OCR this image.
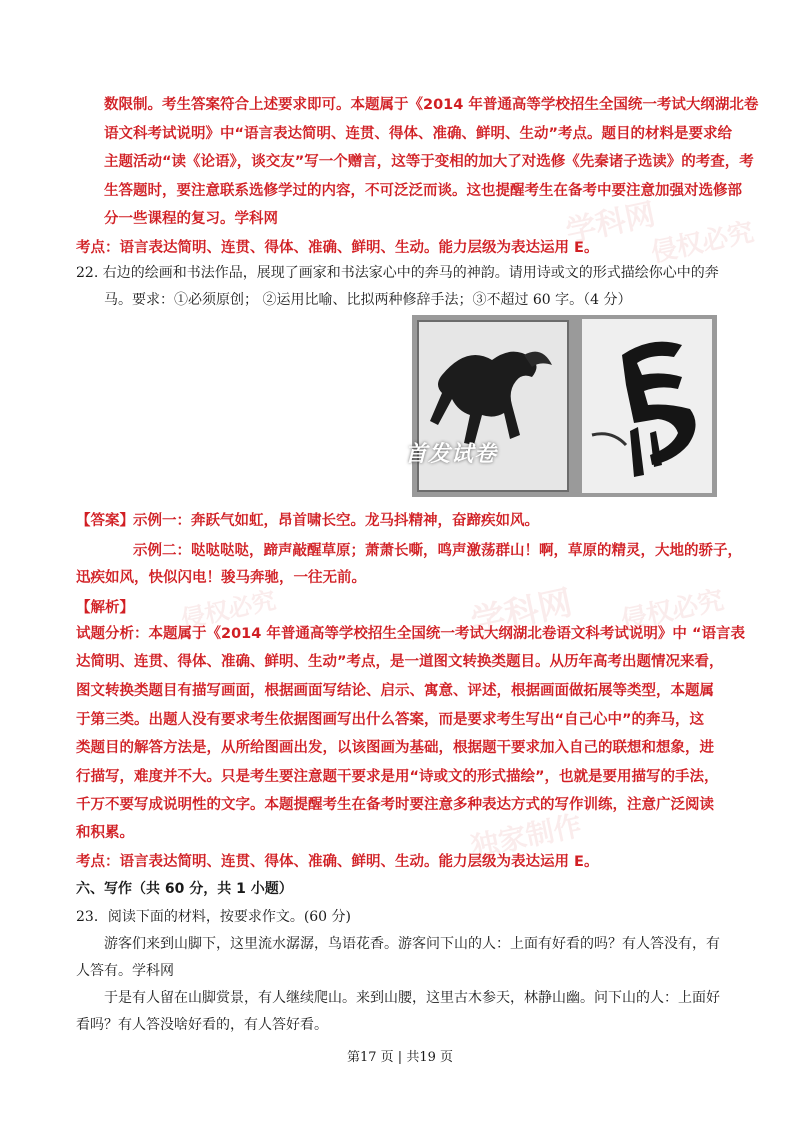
学科网
侵权必究
学科网 侵权必究
独家制作
侵权必究
数限制。考生答案符合上述要求即可。本题属于《2014 年普通高等学校招生全国统一考试大纲湖北卷
语文科考试说明》中“语言表达简明、连贯、得体、准确、鲜明、生动”考点。题目的材料是要求给
主题活动“读《论语》，谈交友”写一个赠言，这等于变相的加大了对选修《先秦诸子选读》的考查，考
生答题时，要注意联系选修学过的内容，不可泛泛而谈。这也提醒考生在备考中要注意加强对选修部
分一些课程的复习。学科网
考点：语言表达简明、连贯、得体、准确、鲜明、生动。能力层级为表达运用 E。
22. 右边的绘画和书法作品，展现了画家和书法家心中的奔马的神韵。请用诗或文的形式描绘你心中的奔
马。要求：①必须原创； ②运用比喻、比拟两种修辞手法；③不超过 60 字。（4 分）
首发试卷
【答案】 示例一：奔跃气如虹，昂首啸长空。龙马抖精神，奋蹄疾如风。
示例二：哒哒哒哒，蹄声敲醒草原；萧萧长嘶，鸣声激荡群山！啊，草原的精灵，大地的骄子，
迅疾如风，快似闪电！骏马奔驰，一往无前。
【解析】
试题分析：本题属于《2014 年普通高等学校招生全国统一考试大纲湖北卷语文科考试说明》中 “语言表
达简明、连贯、得体、准确、鲜明、生动”考点，是一道图文转换类题目。从历年高考出题情况来看，
图文转换类题目有描写画面，根据画面写结论、启示、寓意、评述，根据画面做拓展等类型，本题属
于第三类。出题人没有要求考生依据图画写出什么答案，而是要求考生写出“自己心中”的奔马，这
类题目的解答方法是，从所给图画出发，以该图画为基础，根据题干要求加入自己的联想和想象，进
行描写，难度并不大。只是考生要注意题干要求是用“诗或文的形式描绘”，也就是要用描写的手法，
千万不要写成说明性的文字。本题提醒考生在备考时要注意多种表达方式的写作训练，注意广泛阅读
和积累。
考点：语言表达简明、连贯、得体、准确、鲜明、生动。能力层级为表达运用 E。
六、写作（共 60 分，共 1 小题）
23．阅读下面的材料，按要求作文。(60 分)
游客们来到山脚下，这里流水潺潺，鸟语花香。游客问下山的人：上面有好看的吗？有人答没有，有
人答有。学科网
于是有人留在山脚赏景，有人继续爬山。来到山腰，这里古木参天，林静山幽。问下山的人：上面好
看吗？有人答没啥好看的，有人答好看。
第17 页 | 共19 页
